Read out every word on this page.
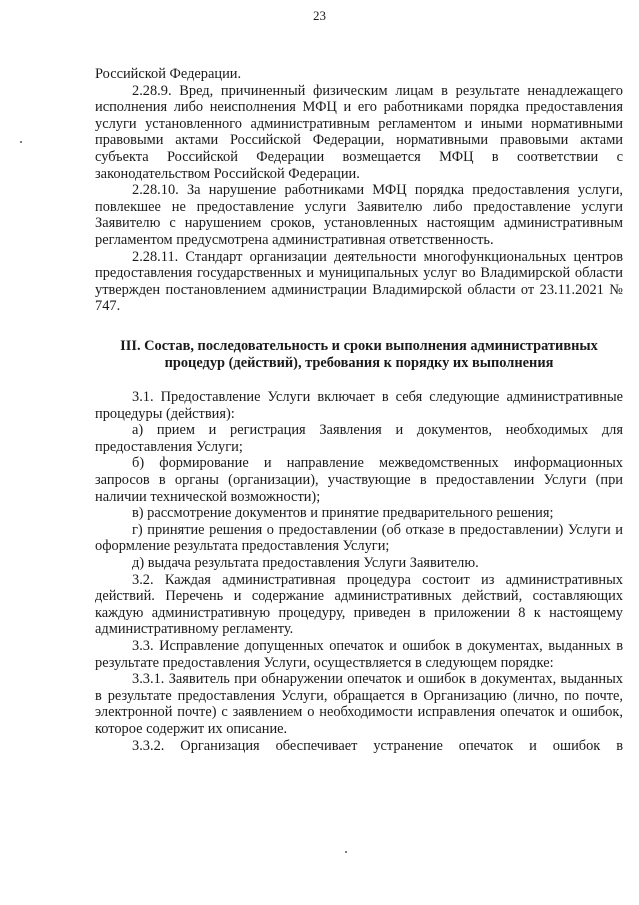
23

Российской Федерации.

2.28.9. Вред, причиненный физическим лицам в результате ненадлежащего исполнения либо неисполнения МФЦ и его работниками порядка предоставления услуги установленного административным регламентом и иными нормативными правовыми актами Российской Федерации, нормативными правовыми актами субъекта Российской Федерации возмещается МФЦ в соответствии с законодательством Российской Федерации.

2.28.10. За нарушение работниками МФЦ порядка предоставления услуги, повлекшее не предоставление услуги Заявителю либо предоставление услуги Заявителю с нарушением сроков, установленных настоящим административным регламентом предусмотрена административная ответственность.

2.28.11. Стандарт организации деятельности многофункциональных центров предоставления государственных и муниципальных услуг во Владимирской области утвержден постановлением администрации Владимирской области от 23.11.2021 № 747.

III. Состав, последовательность и сроки выполнения административных процедур (действий), требования к порядку их выполнения

3.1. Предоставление Услуги включает в себя следующие административные процедуры (действия):

а) прием и регистрация Заявления и документов, необходимых для предоставления Услуги;

б) формирование и направление межведомственных информационных запросов в органы (организации), участвующие в предоставлении Услуги (при наличии технической возможности);

в) рассмотрение документов и принятие предварительного решения;

г) принятие решения о предоставлении (об отказе в предоставлении) Услуги и оформление результата предоставления Услуги;

д) выдача результата предоставления Услуги Заявителю.

3.2. Каждая административная процедура состоит из административных действий. Перечень и содержание административных действий, составляющих каждую административную процедуру, приведен в приложении 8 к настоящему административному регламенту.

3.3. Исправление допущенных опечаток и ошибок в документах, выданных в результате предоставления Услуги, осуществляется в следующем порядке:

3.3.1. Заявитель при обнаружении опечаток и ошибок в документах, выданных в результате предоставления Услуги, обращается в Организацию (лично, по почте, электронной почте) с заявлением о необходимости исправления опечаток и ошибок, которое содержит их описание.

3.3.2. Организация обеспечивает устранение опечаток и ошибок в
